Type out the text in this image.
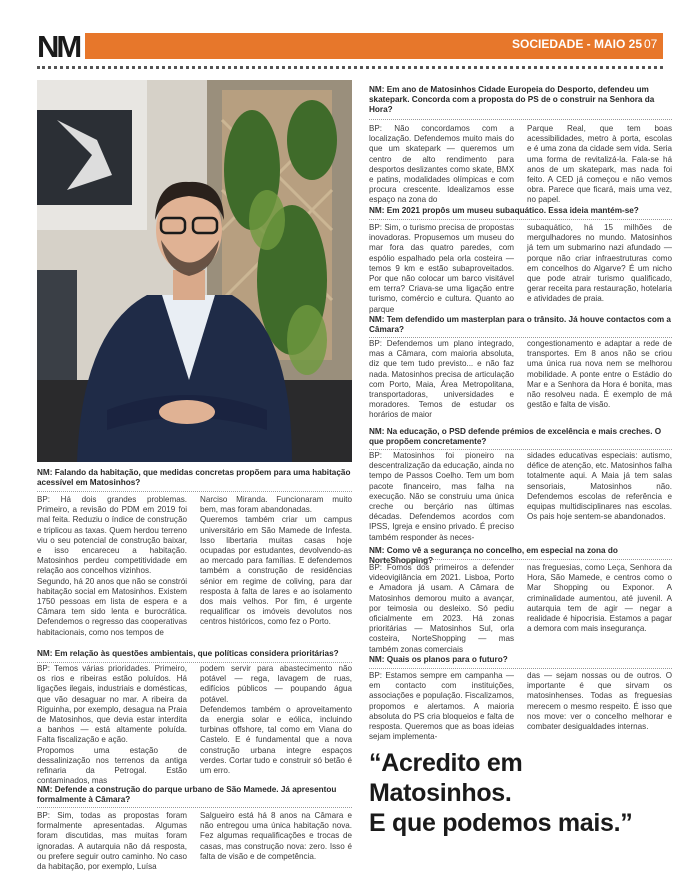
NM	SOCIEDADE - MAIO 25 07
NM: Em ano de Matosinhos Cidade Europeia do Desporto, defendeu um skatepark. Concorda com a proposta do PS de o construir na Senhora da Hora?

BP: Não concordamos com a localização. Defendemos muito mais do que um skatepark — queremos um centro de alto rendimento para desportos deslizantes como skate, BMX e patins, modalidades olímpicas e com procura crescente. Idealizamos esse espaço na zona do

Parque Real, que tem boas acessibilidades, metro à porta, escolas e é uma zona da cidade sem vida. Seria uma forma de revitalizá-la. Fala-se há anos de um skatepark, mas nada foi feito. A CED já começou e não vemos obra. Parece que ficará, mais uma vez, no papel.

NM: Em 2021 propôs um museu subaquático. Essa ideia mantém-se?

BP: Sim, o turismo precisa de propostas inovadoras. Propusemos um museu do mar fora das quatro paredes, com espólio espalhado pela orla costeira — temos 9 km e estão subaproveitados. Por que não colocar um barco visitável em terra? Criava-se uma ligação entre turismo, comércio e cultura. Quanto ao parque

subaquático, há 15 milhões de mergulhadores no mundo. Matosinhos já tem um submarino nazi afundado — porque não criar infraestruturas como em concelhos do Algarve? É um nicho que pode atrair turismo qualificado, gerar receita para restauração, hotelaria e atividades de praia.

NM: Tem defendido um masterplan para o trânsito. Já houve contactos com a Câmara?

BP: Defendemos um plano integrado, mas a Câmara, com maioria absoluta, diz que tem tudo previsto... e não faz nada. Matosinhos precisa de articulação com Porto, Maia, Área Metropolitana, transportadoras, universidades e moradores. Temos de estudar os horários de maior

congestionamento e adaptar a rede de transportes. Em 8 anos não se criou uma única rua nova nem se melhorou mobilidade. A ponte entre o Estádio do Mar e a Senhora da Hora é bonita, mas não resolveu nada. É exemplo de má gestão e falta de visão.

NM: Na educação, o PSD defende prémios de excelência e mais creches. O que propõem concretamente?

BP: Matosinhos foi pioneiro na descentralização da educação, ainda no tempo de Passos Coelho. Tem um bom pacote financeiro, mas falha na execução. Não se construiu uma única creche ou berçário nas últimas décadas. Defendemos acordos com IPSS, Igreja e ensino privado. É preciso também responder às neces-

sidades educativas especiais: autismo, défice de atenção, etc. Matosinhos falha totalmente aqui. A Maia já tem salas sensoriais, Matosinhos não. Defendemos escolas de referência e equipas multidisciplinares nas escolas. Os pais hoje sentem-se abandonados.

NM: Como vê a segurança no concelho, em especial na zona do NorteShopping?

BP: Fomos dos primeiros a defender videovigilância em 2021. Lisboa, Porto e Amadora já usam. A Câmara de Matosinhos demorou muito a avançar, por teimosia ou desleixo. Só pediu oficialmente em 2023. Há zonas prioritárias — Matosinhos Sul, orla costeira, NorteShopping — mas também zonas comerciais

nas freguesias, como Leça, Senhora da Hora, São Mamede, e centros como o Mar Shopping ou Exponor. A criminalidade aumentou, até juvenil. A autarquia tem de agir — negar a realidade é hipocrisia. Estamos a pagar a demora com mais insegurança.

NM: Quais os planos para o futuro?

BP: Estamos sempre em campanha — em contacto com instituições, associações e população. Fiscalizamos, propomos e alertamos. A maioria absoluta do PS cria bloqueios e falta de resposta. Queremos que as boas ideias sejam implementa-

das — sejam nossas ou de outros. O importante é que sirvam os matosinhenses. Todas as freguesias merecem o mesmo respeito. É isso que nos move: ver o concelho melhorar e combater desigualdades internas.

NM: Falando da habitação, que medidas concretas propõem para uma habitação acessível em Matosinhos?

BP: Há dois grandes problemas. Primeiro, a revisão do PDM em 2019 foi mal feita. Reduziu o índice de construção e triplicou as taxas. Quem herdou terreno viu o seu potencial de construção baixar, e isso encareceu a habitação. Matosinhos perdeu competitividade em relação aos concelhos vizinhos.
Segundo, há 20 anos que não se constrói habitação social em Matosinhos. Existem 1750 pessoas em lista de espera e a Câmara tem sido lenta e burocrática. Defendemos o regresso das cooperativas habitacionais, como nos tempos de

Narciso Miranda. Funcionaram muito bem, mas foram abandonadas.
Queremos também criar um campus universitário em São Mamede de Infesta. Isso libertaria muitas casas hoje ocupadas por estudantes, devolvendo-as ao mercado para famílias. E defendemos também a construção de residências sénior em regime de coliving, para dar resposta à falta de lares e ao isolamento dos mais velhos. Por fim, é urgente requalificar os imóveis devolutos nos centros históricos, como fez o Porto.

NM: Em relação às questões ambientais, que políticas considera prioritárias?

BP: Temos várias prioridades. Primeiro, os rios e ribeiras estão poluídos. Há ligações ilegais, industriais e domésticas, que vão desaguar no mar. A ribeira da Riguinha, por exemplo, desagua na Praia de Matosinhos, que devia estar interdita a banhos — está altamente poluída. Falta fiscalização e ação.
Propomos uma estação de dessalinização nos terrenos da antiga refinaria da Petrogal. Estão contaminados, mas

podem servir para abastecimento não potável — rega, lavagem de ruas, edifícios públicos — poupando água potável.
Defendemos também o aproveitamento da energia solar e eólica, incluindo turbinas offshore, tal como em Viana do Castelo. E é fundamental que a nova construção urbana integre espaços verdes. Cortar tudo e construir só betão é um erro.

NM: Defende a construção do parque urbano de São Mamede. Já apresentou formalmente à Câmara?

BP: Sim, todas as propostas foram formalmente apresentadas. Algumas foram discutidas, mas muitas foram ignoradas. A autarquia não dá resposta, ou prefere seguir outro caminho. No caso da habitação, por exemplo, Luísa

Salgueiro está há 8 anos na Câmara e não entregou uma única habitação nova. Fez algumas requalificações e trocas de casas, mas construção nova: zero. Isso é falta de visão e de competência.

“Acredito em Matosinhos.
E que podemos mais.”
